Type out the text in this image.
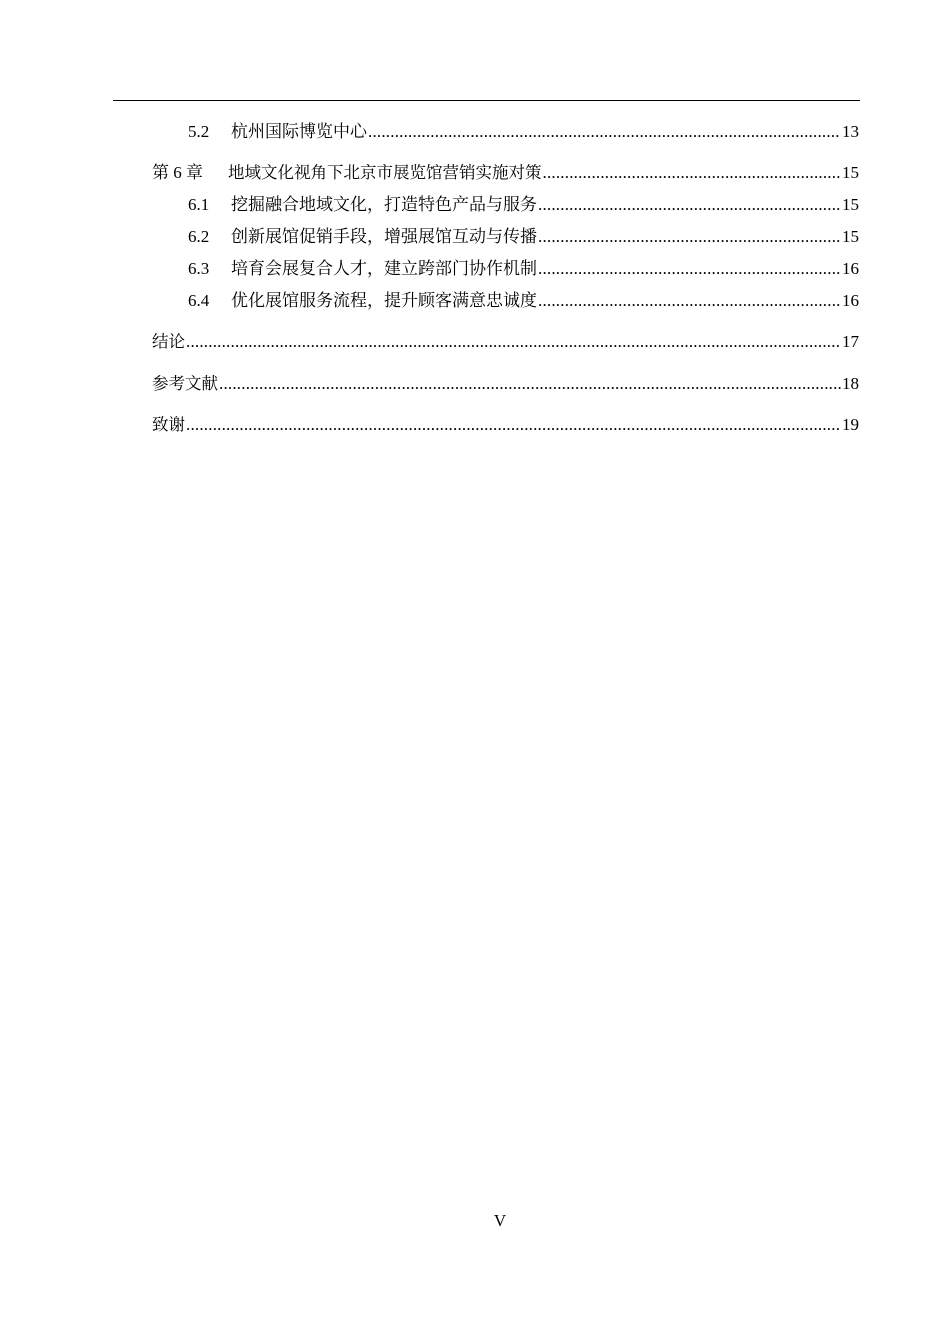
5.2	杭州国际博览中心 .....	13
第 6 章	地域文化视角下北京市展览馆营销实施对策 .....	15
6.1	挖掘融合地域文化，打造特色产品与服务 .....	15
6.2	创新展馆促销手段，增强展馆互动与传播 .....	15
6.3	培育会展复合人才，建立跨部门协作机制 .....	16
6.4	优化展馆服务流程，提升顾客满意忠诚度 .....	16
结论 .....	17
参考文献 .....	18
致谢 .....	19
V
